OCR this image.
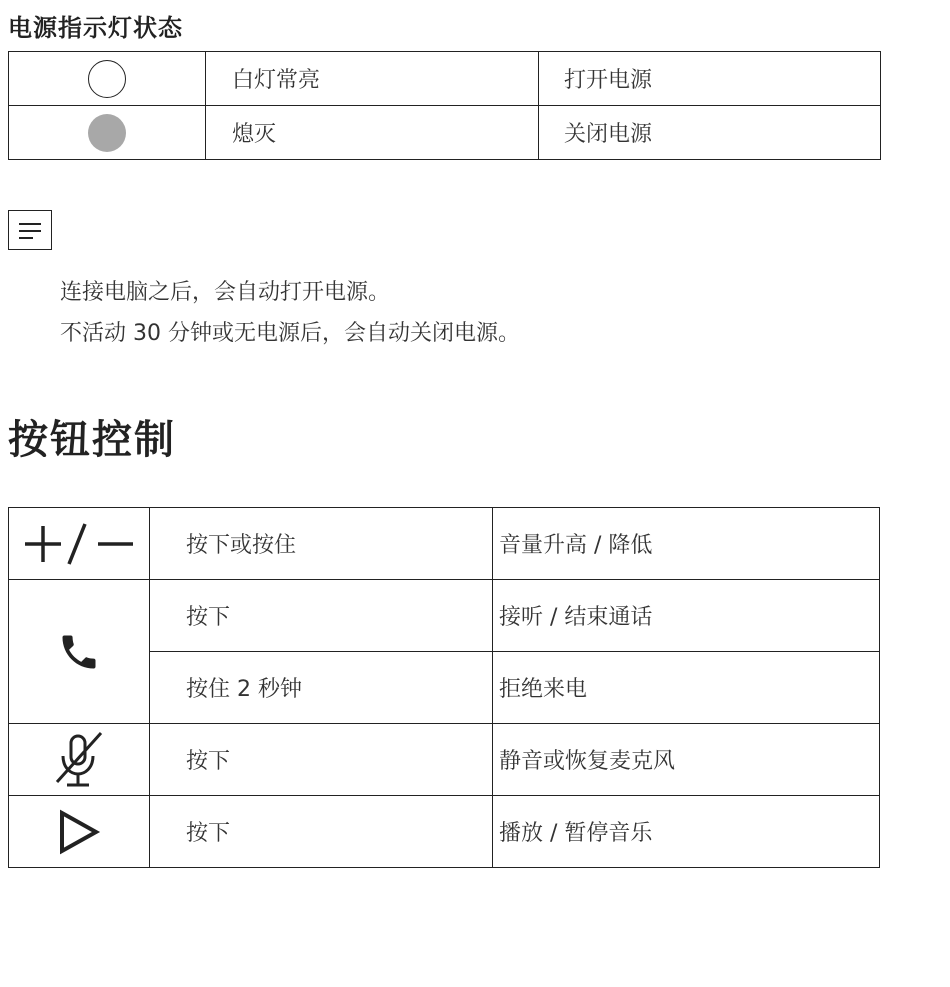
电源指示灯状态
	白灯常亮	打开电源
	熄灭	关闭电源
连接电脑之后，会自动打开电源。
不活动 30 分钟或无电源后，会自动关闭电源。
按钮控制
	按下或按住	音量升高 / 降低
	按下	接听 / 结束通话
	按住 2 秒钟	拒绝来电
	按下	静音或恢复麦克风
	按下	播放 / 暂停音乐
